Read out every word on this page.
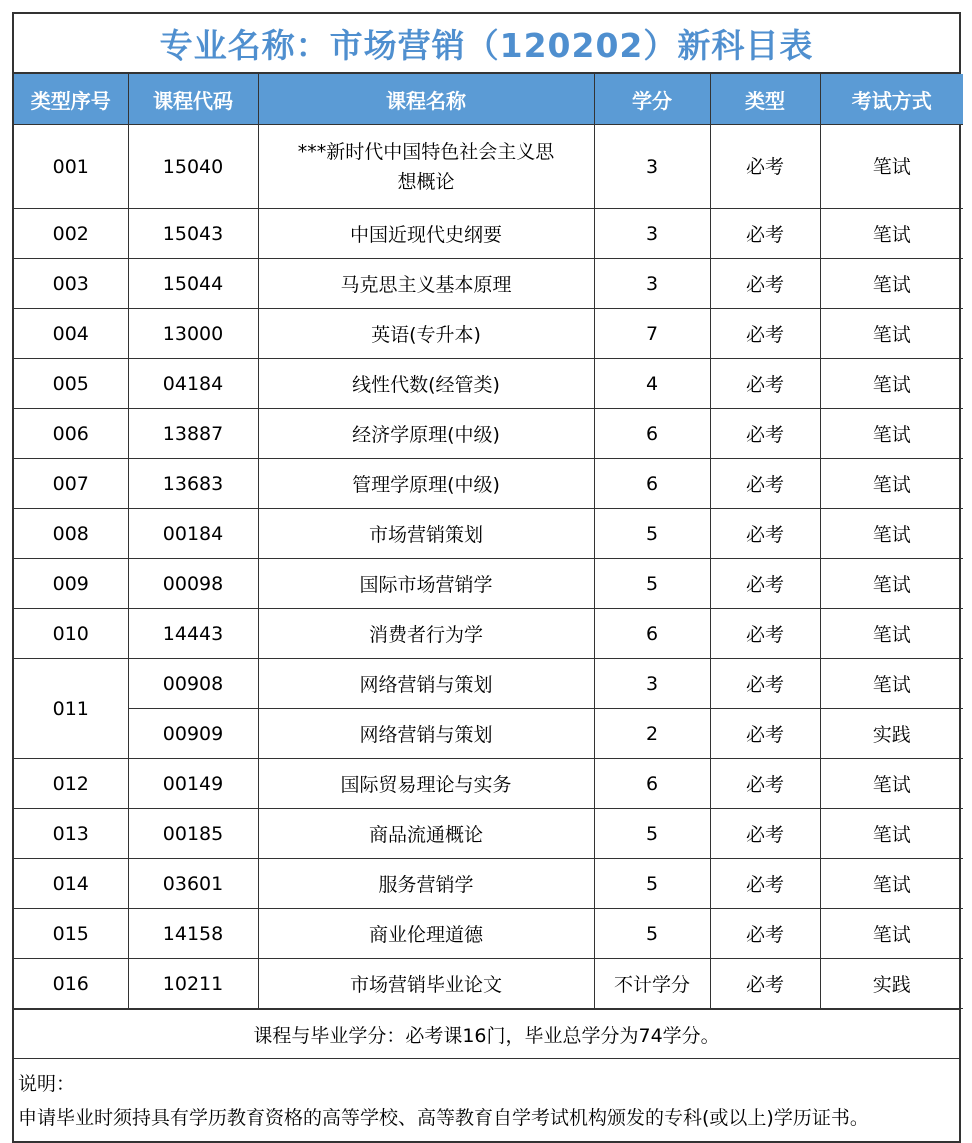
专业名称：市场营销（120202）新科目表
类型序号	课程代码	课程名称	学分	类型	考试方式
001	15040	***新时代中国特色社会主义思想概论	3	必考	笔试
002	15043	中国近现代史纲要	3	必考	笔试
003	15044	马克思主义基本原理	3	必考	笔试
004	13000	英语(专升本)	7	必考	笔试
005	04184	线性代数(经管类)	4	必考	笔试
006	13887	经济学原理(中级)	6	必考	笔试
007	13683	管理学原理(中级)	6	必考	笔试
008	00184	市场营销策划	5	必考	笔试
009	00098	国际市场营销学	5	必考	笔试
010	14443	消费者行为学	6	必考	笔试
011	00908	网络营销与策划	3	必考	笔试
	00909	网络营销与策划	2	必考	实践
012	00149	国际贸易理论与实务	6	必考	笔试
013	00185	商品流通概论	5	必考	笔试
014	03601	服务营销学	5	必考	笔试
015	14158	商业伦理道德	5	必考	笔试
016	10211	市场营销毕业论文	不计学分	必考	实践
课程与毕业学分：必考课16门，毕业总学分为74学分。
说明：
申请毕业时须持具有学历教育资格的高等学校、高等教育自学考试机构颁发的专科(或以上)学历证书。
